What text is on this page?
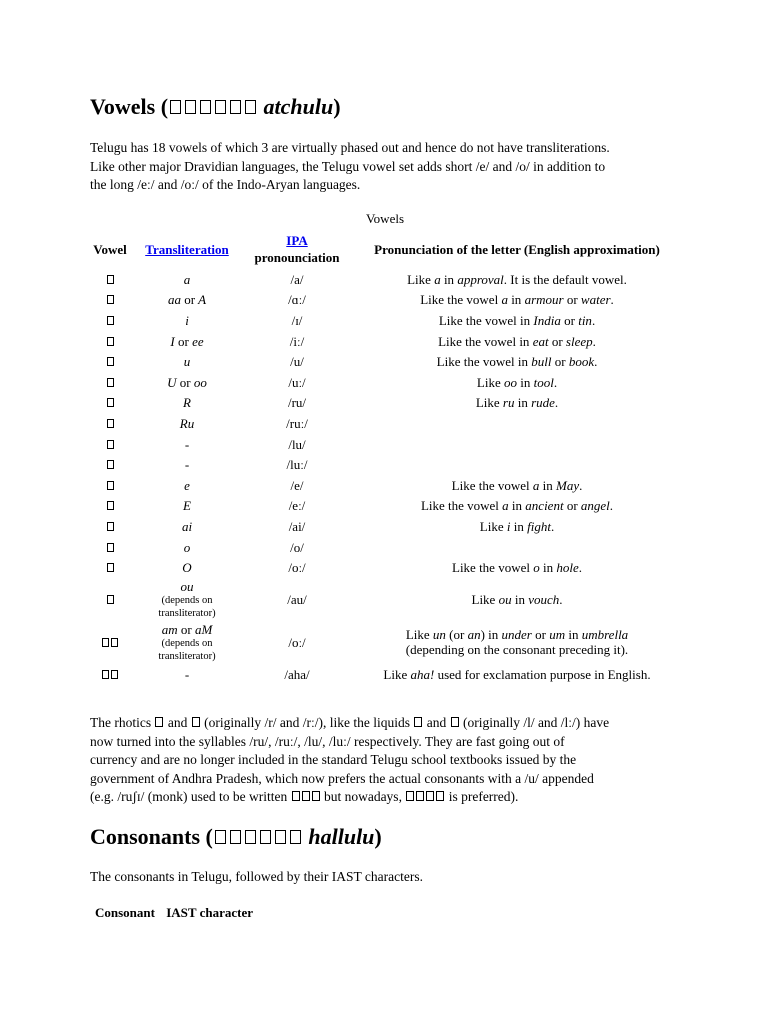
Vowels (	atchulu)

Telugu has 18 vowels of which 3 are virtually phased out and hence do not have transliterations.
Like other major Dravidian languages, the Telugu vowel set adds short /e/ and /o/ in addition to
the long /eː/ and /oː/ of the Indo-Aryan languages.

Vowels
Vowel	Transliteration	IPA
pronounciation	Pronunciation of the letter (English approximation)
	a	/a/	Like a in approval. It is the default vowel.
	aa or A	/ɑː/	Like the vowel a in armour or water.
	i	/ɪ/	Like the vowel in India or tin.
	I or ee	/iː/	Like the vowel in eat or sleep.
	u	/u/	Like the vowel in bull or book.
	U or oo	/uː/	Like oo in tool.
	R	/ru/	Like ru in rude.
	Ru	/ruː/	
	-	/lu/	
	-	/luː/	
	e	/e/	Like the vowel a in May.
	E	/eː/	Like the vowel a in ancient or angel.
	ai	/ai/	Like i in fight.
	o	/o/	
	O	/oː/	Like the vowel o in hole.
	ou
(depends on transliterator)	/au/	Like ou in vouch.
	am or aM
(depends on transliterator)	/oː/	Like un (or an) in under or um in umbrella
(depending on the consonant preceding it).
	-	/aha/	Like aha! used for exclamation purpose in English.

The rhotics  and  (originally /r/ and /rː/), like the liquids  and  (originally /l/ and /lː/) have
now turned into the syllables /ru/, /ruː/, /lu/, /luː/ respectively. They are fast going out of
currency and are no longer included in the standard Telugu school textbooks issued by the
government of Andhra Pradesh, which now prefers the actual consonants with a /u/ appended
(e.g. /ruʃɪ/ (monk) used to be written  but nowadays,	is preferred).

Consonants (	hallulu)

The consonants in Telugu, followed by their IAST characters.

Consonant IAST character
